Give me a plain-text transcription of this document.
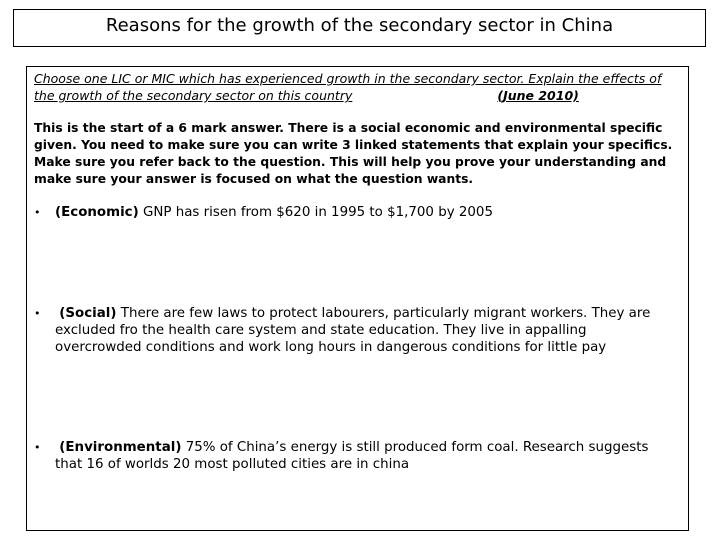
Reasons for the growth of the secondary sector in China
Choose one LIC or MIC which has experienced growth in the secondary sector. Explain the effects of the growth of the secondary sector on this country	(June 2010)
This is the start of a 6 mark answer. There is a social economic and environmental specific given. You need to make sure you can write 3 linked statements that explain your specifics. Make sure you refer back to the question. This will help you prove your understanding and make sure your answer is focused on what the question wants.
• (Economic) GNP has risen from $620 in 1995 to $1,700 by 2005
•	(Social) There are few laws to protect labourers, particularly migrant workers. They are excluded fro the health care system and state education. They live in appalling overcrowded conditions and work long hours in dangerous conditions for little pay
•	(Environmental) 75% of China’s energy is still produced form coal. Research suggests that 16 of worlds 20 most polluted cities are in china
